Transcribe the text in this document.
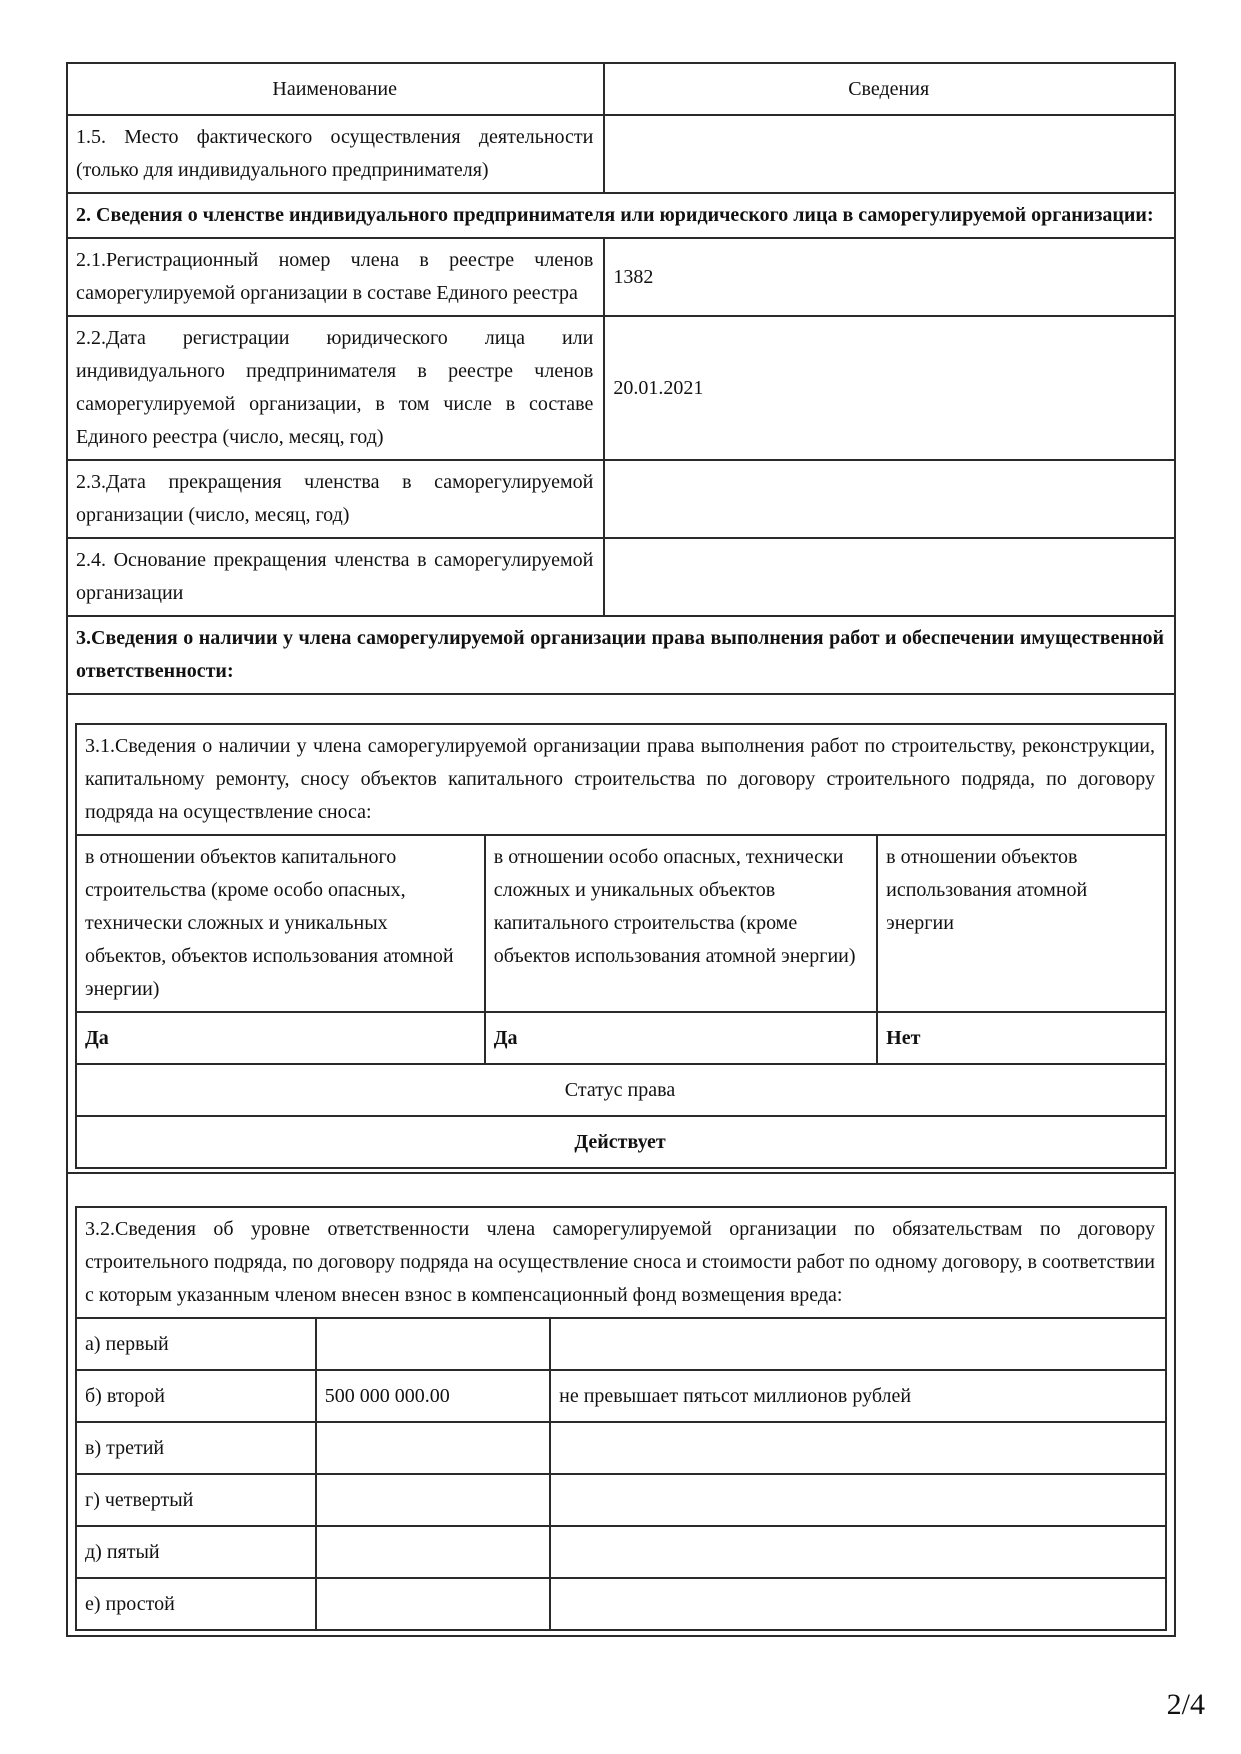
Наименование	Сведения
1.5. Место фактического осуществления деятельности (только для индивидуального предпринимателя)	
2. Сведения о членстве индивидуального предпринимателя или юридического лица в саморегулируемой организации:
2.1.Регистрационный номер члена в реестре членов саморегулируемой организации в составе Единого реестра	1382
2.2.Дата регистрации юридического лица или индивидуального предпринимателя в реестре членов саморегулируемой организации, в том числе в составе Единого реестра (число, месяц, год)	20.01.2021
2.3.Дата прекращения членства в саморегулируемой организации (число, месяц, год)	
2.4. Основание прекращения членства в саморегулируемой организации	
3.Сведения о наличии у члена саморегулируемой организации права выполнения работ и обеспечении имущественной ответственности:

3.1.Сведения о наличии у члена саморегулируемой организации права выполнения работ по строительству, реконструкции, капитальному ремонту, сносу объектов капитального строительства по договору строительного подряда, по договору подряда на осуществление сноса:
в отношении объектов капитального строительства (кроме особо опасных, технически сложных и уникальных объектов, объектов использования атомной энергии)	в отношении особо опасных, технически сложных и уникальных объектов капитального строительства (кроме объектов использования атомной энергии)	в отношении объектов использования атомной энергии
Да	Да	Нет
Статус права
Действует

3.2.Сведения об уровне ответственности члена саморегулируемой организации по обязательствам по договору строительного подряда, по договору подряда на осуществление сноса и стоимости работ по одному договору, в соответствии с которым указанным членом внесен взнос в компенсационный фонд возмещения вреда:
а) первый		
б) второй	500 000 000.00	не превышает пятьсот миллионов рублей
в) третий		
г) четвертый		
д) пятый		
е) простой		
2/4
